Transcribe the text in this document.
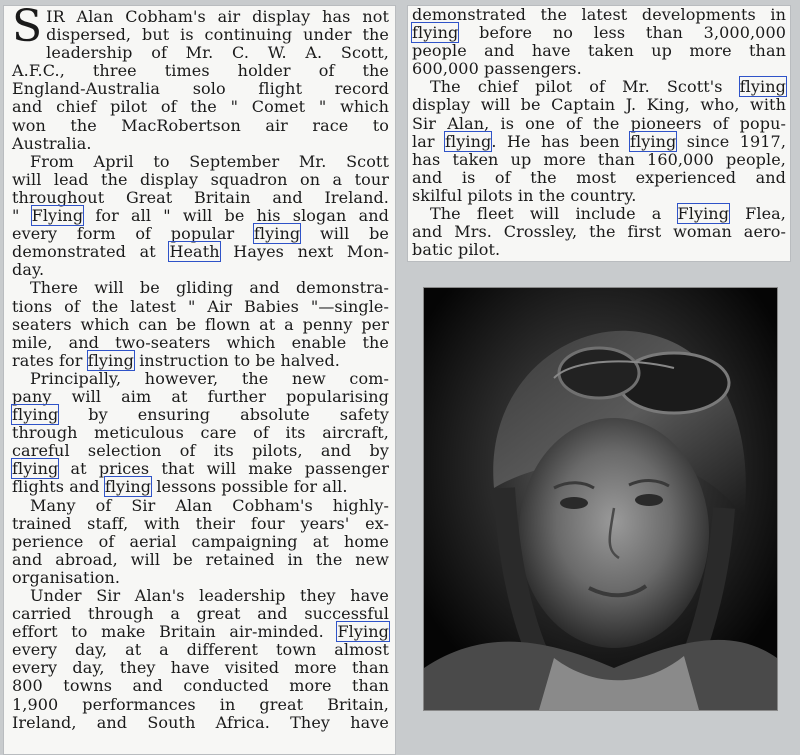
S IR Alan Cobham's air display has not
dispersed, but is continuing under the
leadership of Mr. C. W. A. Scott,
A.F.C., three times holder of the
England-Australia solo flight record
and chief pilot of the " Comet " which
won the MacRobertson air race to
Australia.
From April to September Mr. Scott
will lead the display squadron on a tour
throughout Great Britain and Ireland.
" Flying for all " will be his slogan and
every form of popular flying will be
demonstrated at Heath Hayes next Mon-
day.
There will be gliding and demonstra-
tions of the latest " Air Babies "—single-
seaters which can be flown at a penny per
mile, and two-seaters which enable the
rates for flying instruction to be halved.
Principally, however, the new com-
pany will aim at further popularising
flying by ensuring absolute safety
through meticulous care of its aircraft,
careful selection of its pilots, and by
flying at prices that will make passenger
flights and flying lessons possible for all.
Many of Sir Alan Cobham's highly-
trained staff, with their four years' ex-
perience of aerial campaigning at home
and abroad, will be retained in the new
organisation.
Under Sir Alan's leadership they have
carried through a great and successful
effort to make Britain air-minded. Flying
every day, at a different town almost
every day, they have visited more than
800 towns and conducted more than
1,900 performances in great Britain,
Ireland, and South Africa. They have
demonstrated the latest developments in
flying before no less than 3,000,000
people and have taken up more than
600,000 passengers.
The chief pilot of Mr. Scott's flying
display will be Captain J. King, who, with
Sir Alan, is one of the pioneers of popu-
lar flying. He has been flying since 1917,
has taken up more than 160,000 people,
and is of the most experienced and
skilful pilots in the country.
The fleet will include a Flying Flea,
and Mrs. Crossley, the first woman aero-
batic pilot.
